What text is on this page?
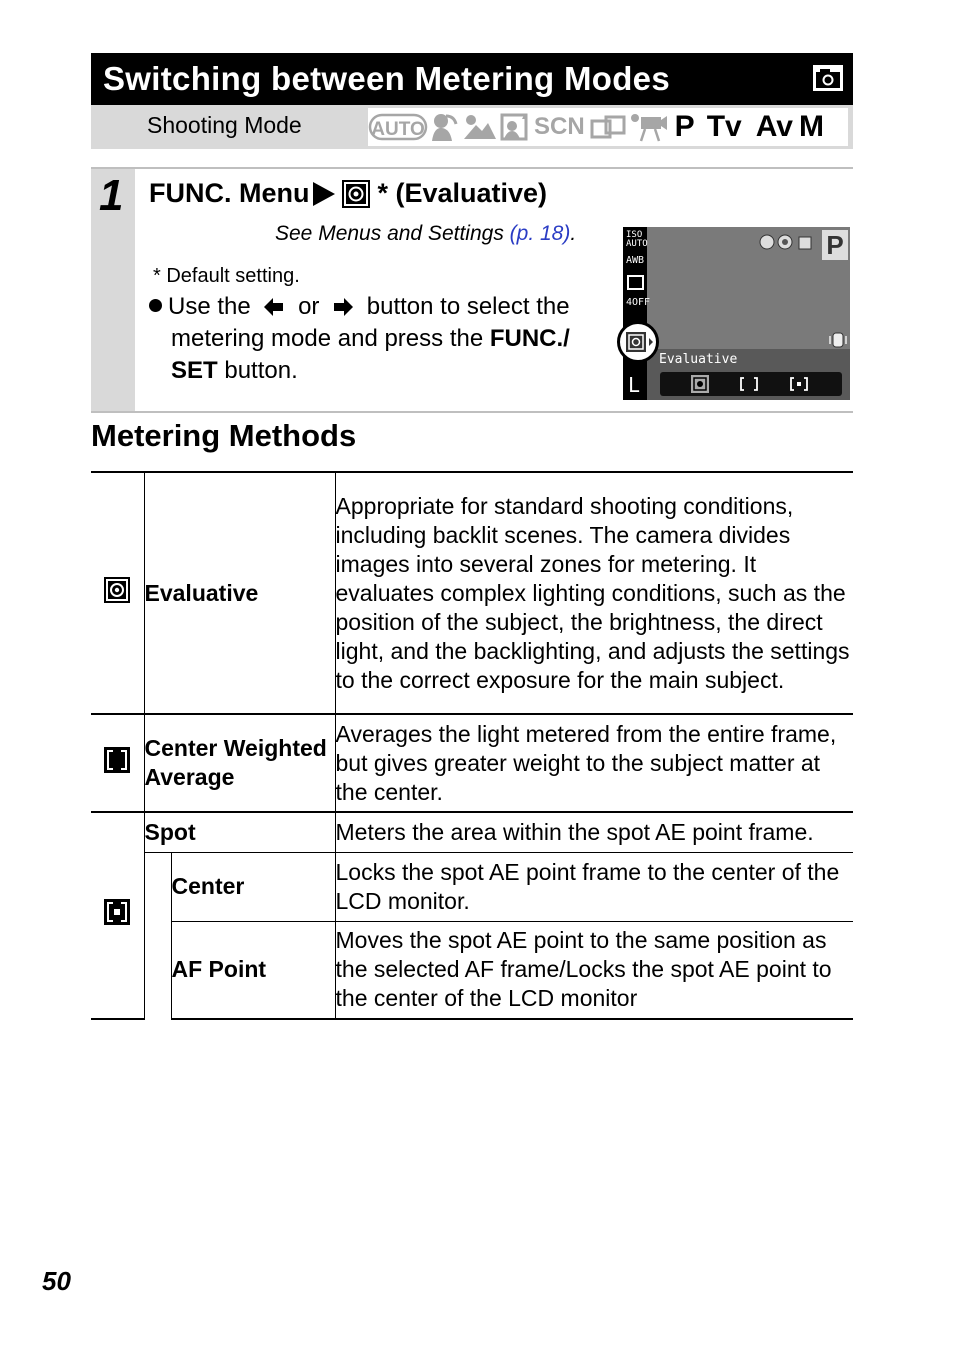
Switching between Metering Modes
Shooting Mode	AUTO	SCN	P Tv Av M
1 FUNC. Menu	* (Evaluative)
See Menus and Settings (p. 18).
* Default setting.
Use the or button to select the
metering mode and press the FUNC./
SET button.
ISO
AUTO
AWB
4OFF
L
P
Evaluative
Metering Methods
	Evaluative		Appropriate for standard shooting conditions, including backlit scenes. The camera divides images into several zones for metering. It evaluates complex lighting conditions, such as the position of the subject, the brightness, the direct light, and the backlighting, and adjusts the settings to the correct exposure for the main subject.
	Center Weighted Average		Averages the light metered from the entire frame, but gives greater weight to the subject matter at the center.
	Spot		Meters the area within the spot AE point frame.
		Center	Locks the spot AE point frame to the center of the LCD monitor.
		AF Point	Moves the spot AE point to the same position as the selected AF frame/Locks the spot AE point to the center of the LCD monitor
50
